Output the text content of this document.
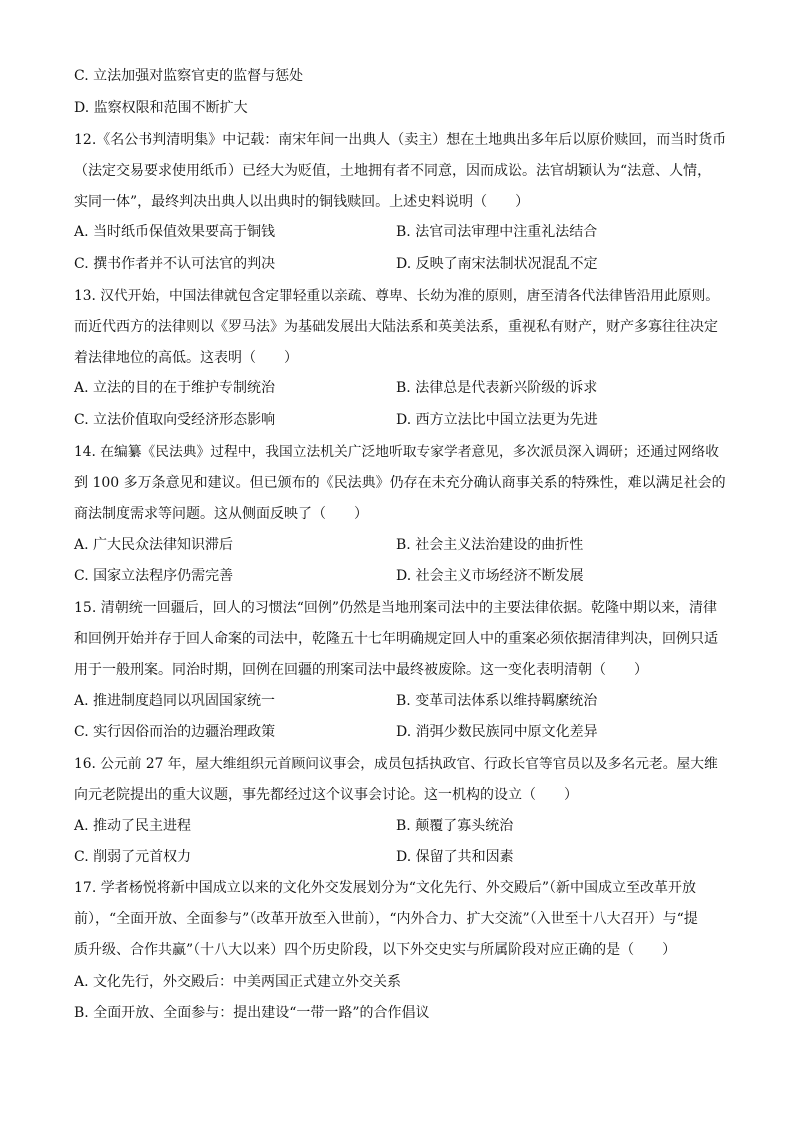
C. 立法加强对监察官吏的监督与惩处
D. 监察权限和范围不断扩大
12.《名公书判清明集》中记载：南宋年间一出典人（卖主）想在土地典出多年后以原价赎回，而当时货币
（法定交易要求使用纸币）已经大为贬值，土地拥有者不同意，因而成讼。法官胡颖认为“法意、人情，
实同一体”，最终判决出典人以出典时的铜钱赎回。上述史料说明（　　）
A. 当时纸币保值效果要高于铜钱	B. 法官司法审理中注重礼法结合
C. 撰书作者并不认可法官的判决	D. 反映了南宋法制状况混乱不定
13. 汉代开始，中国法律就包含定罪轻重以亲疏、尊卑、长幼为准的原则，唐至清各代法律皆沿用此原则。
而近代西方的法律则以《罗马法》为基础发展出大陆法系和英美法系，重视私有财产，财产多寡往往决定
着法律地位的高低。这表明（　　）
A. 立法的目的在于维护专制统治	B. 法律总是代表新兴阶级的诉求
C. 立法价值取向受经济形态影响	D. 西方立法比中国立法更为先进
14. 在编纂《民法典》过程中，我国立法机关广泛地听取专家学者意见，多次派员深入调研；还通过网络收
到 100 多万条意见和建议。但已颁布的《民法典》仍存在未充分确认商事关系的特殊性，难以满足社会的
商法制度需求等问题。这从侧面反映了（　　）
A. 广大民众法律知识滞后	B. 社会主义法治建设的曲折性
C. 国家立法程序仍需完善	D. 社会主义市场经济不断发展
15. 清朝统一回疆后，回人的习惯法“回例”仍然是当地刑案司法中的主要法律依据。乾隆中期以来，清律
和回例开始并存于回人命案的司法中，乾隆五十七年明确规定回人中的重案必须依据清律判决，回例只适
用于一般刑案。同治时期，回例在回疆的刑案司法中最终被废除。这一变化表明清朝（　　）
A. 推进制度趋同以巩固国家统一	B. 变革司法体系以维持羁縻统治
C. 实行因俗而治的边疆治理政策	D. 消弭少数民族同中原文化差异
16. 公元前 27 年，屋大维组织元首顾问议事会，成员包括执政官、行政长官等官员以及多名元老。屋大维
向元老院提出的重大议题，事先都经过这个议事会讨论。这一机构的设立（　　）
A. 推动了民主进程	B. 颠覆了寡头统治
C. 削弱了元首权力	D. 保留了共和因素
17. 学者杨悦将新中国成立以来的文化外交发展划分为“文化先行、外交殿后”（新中国成立至改革开放
前），“全面开放、全面参与”（改革开放至入世前），“内外合力、扩大交流”（入世至十八大召开）与“提
质升级、合作共赢”（十八大以来）四个历史阶段，以下外交史实与所属阶段对应正确的是（　　）
A. 文化先行，外交殿后：中美两国正式建立外交关系
B. 全面开放、全面参与：提出建设“一带一路”的合作倡议
